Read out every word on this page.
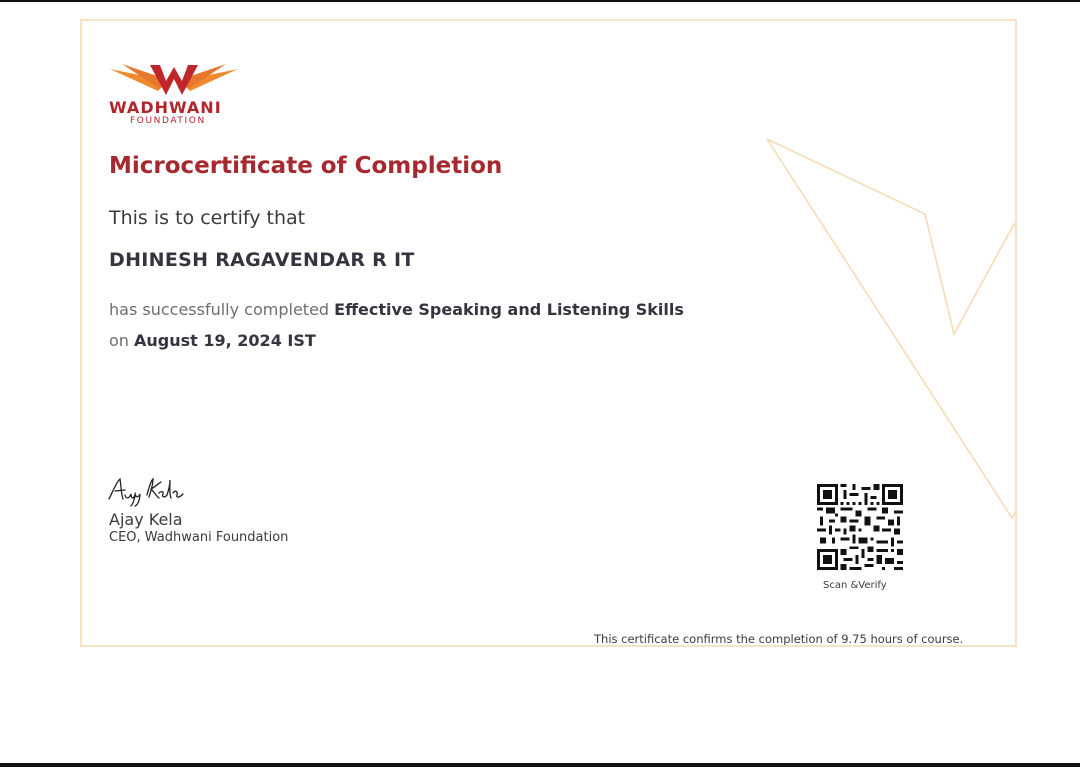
WADHWANI
FOUNDATION
Microcertificate of Completion
This is to certify that
DHINESH RAGAVENDAR R IT
has successfully completed Effective Speaking and Listening Skills
on August 19, 2024 IST
Ajay Kela
CEO, Wadhwani Foundation
Scan &Verify
This certificate confirms the completion of 9.75 hours of course.
